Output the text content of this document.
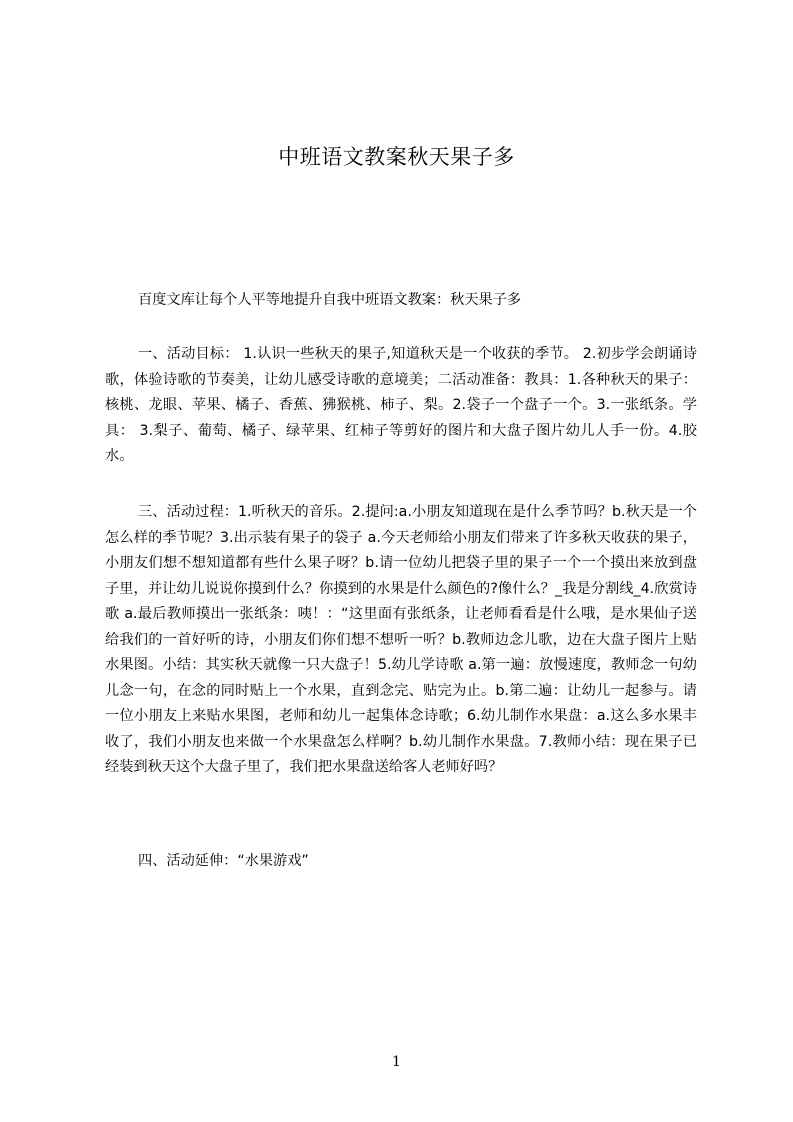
中班语文教案秋天果子多

百度文库让每个人平等地提升自我中班语文教案：秋天果子多

一、活动目标： 1.认识一些秋天的果子,知道秋天是一个收获的季节。 2.初步学会朗诵诗歌，体验诗歌的节奏美，让幼儿感受诗歌的意境美；二活动准备：教具：1.各种秋天的果子：核桃、龙眼、苹果、橘子、香蕉、狒猴桃、柿子、梨。2.袋子一个盘子一个。3.一张纸条。学具： 3.梨子、葡萄、橘子、绿苹果、红柿子等剪好的图片和大盘子图片幼儿人手一份。4.胶水。

三、活动过程：1.听秋天的音乐。2.提问:a.小朋友知道现在是什么季节吗？b.秋天是一个怎么样的季节呢？3.出示装有果子的袋子 a.今天老师给小朋友们带来了许多秋天收获的果子，小朋友们想不想知道都有些什么果子呀？b.请一位幼儿把袋子里的果子一个一个摸出来放到盘子里，并让幼儿说说你摸到什么？你摸到的水果是什么颜色的?像什么？_我是分割线_4.欣赏诗歌 a.最后教师摸出一张纸条：咦！：“这里面有张纸条，让老师看看是什么哦，是水果仙子送给我们的一首好听的诗，小朋友们你们想不想听一听？b.教师边念儿歌，边在大盘子图片上贴水果图。小结：其实秋天就像一只大盘子！5.幼儿学诗歌 a.第一遍：放慢速度，教师念一句幼儿念一句，在念的同时贴上一个水果，直到念完、贴完为止。b.第二遍：让幼儿一起参与。请一位小朋友上来贴水果图，老师和幼儿一起集体念诗歌；6.幼儿制作水果盘：a.这么多水果丰收了，我们小朋友也来做一个水果盘怎么样啊？b.幼儿制作水果盘。7.教师小结：现在果子已经装到秋天这个大盘子里了，我们把水果盘送给客人老师好吗？

四、活动延伸：“水果游戏”

1
